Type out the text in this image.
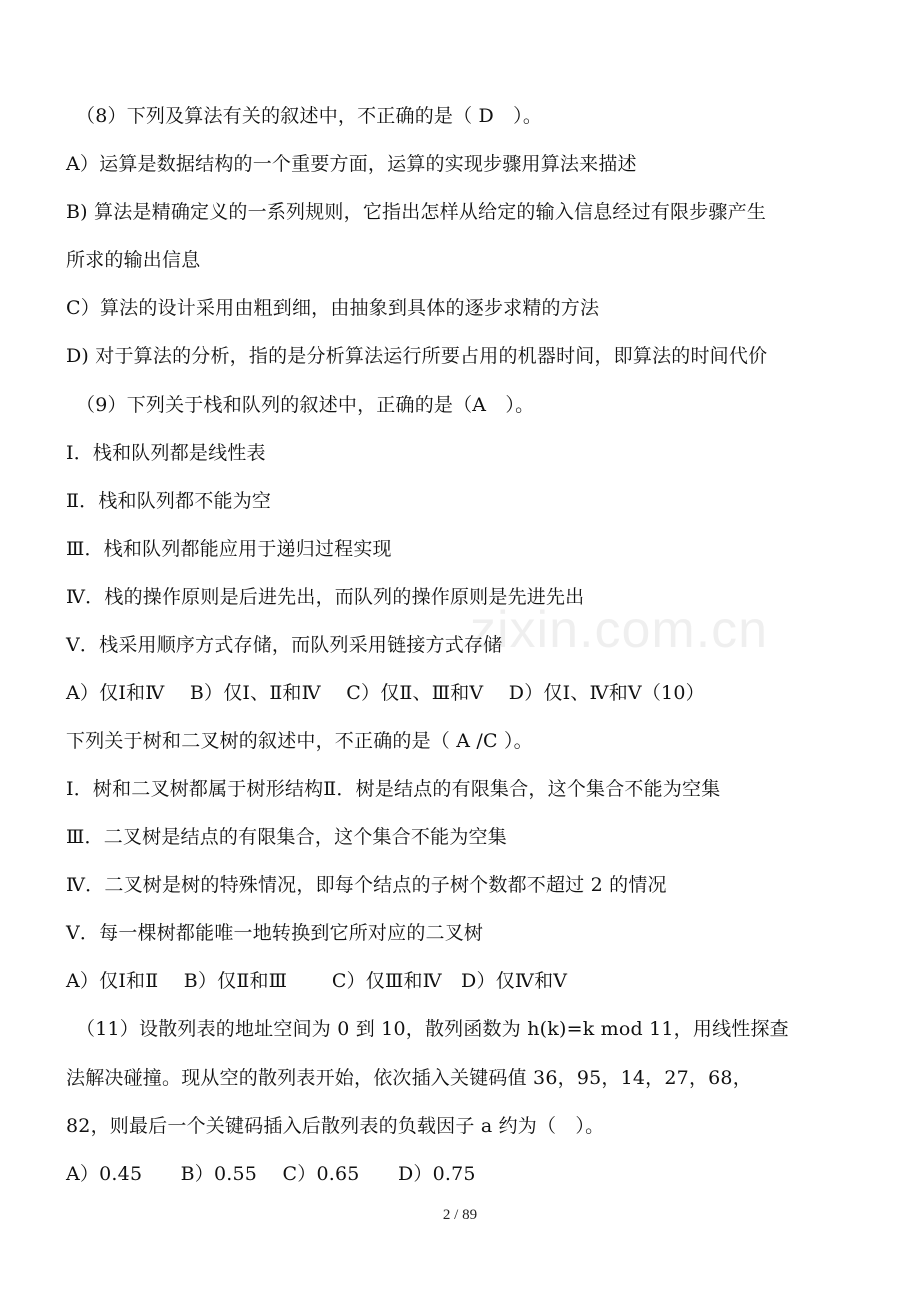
（8）下列及算法有关的叙述中，不正确的是（ D　）。
A）运算是数据结构的一个重要方面，运算的实现步骤用算法来描述
B) 算法是精确定义的一系列规则，它指出怎样从给定的输入信息经过有限步骤产生
所求的输出信息
C）算法的设计采用由粗到细，由抽象到具体的逐步求精的方法
D) 对于算法的分析，指的是分析算法运行所要占用的机器时间，即算法的时间代价
（9）下列关于栈和队列的叙述中，正确的是（A　）。
Ⅰ．栈和队列都是线性表
Ⅱ．栈和队列都不能为空
Ⅲ．栈和队列都能应用于递归过程实现
Ⅳ．栈的操作原则是后进先出，而队列的操作原则是先进先出
Ⅴ．栈采用顺序方式存储，而队列采用链接方式存储
A）仅Ⅰ和Ⅳ　 B）仅Ⅰ、Ⅱ和Ⅳ　 C）仅Ⅱ、Ⅲ和Ⅴ　 D）仅Ⅰ、Ⅳ和Ⅴ（10）
下列关于树和二叉树的叙述中，不正确的是（ A /C ）。
Ⅰ．树和二叉树都属于树形结构Ⅱ．树是结点的有限集合，这个集合不能为空集
Ⅲ．二叉树是结点的有限集合，这个集合不能为空集
Ⅳ．二叉树是树的特殊情况，即每个结点的子树个数都不超过 2 的情况
Ⅴ．每一棵树都能唯一地转换到它所对应的二叉树
A）仅Ⅰ和Ⅱ　 B）仅Ⅱ和Ⅲ　　 C）仅Ⅲ和Ⅳ　D）仅Ⅳ和Ⅴ
（11）设散列表的地址空间为 0 到 10，散列函数为 h(k)=k mod 11，用线性探查
法解决碰撞。现从空的散列表开始，依次插入关键码值 36，95，14，27，68，
82，则最后一个关键码插入后散列表的负载因子 a 约为（　）。
A）0.45　　B）0.55　 C）0.65　　D）0.75
zixin.com.cn
2 / 89
